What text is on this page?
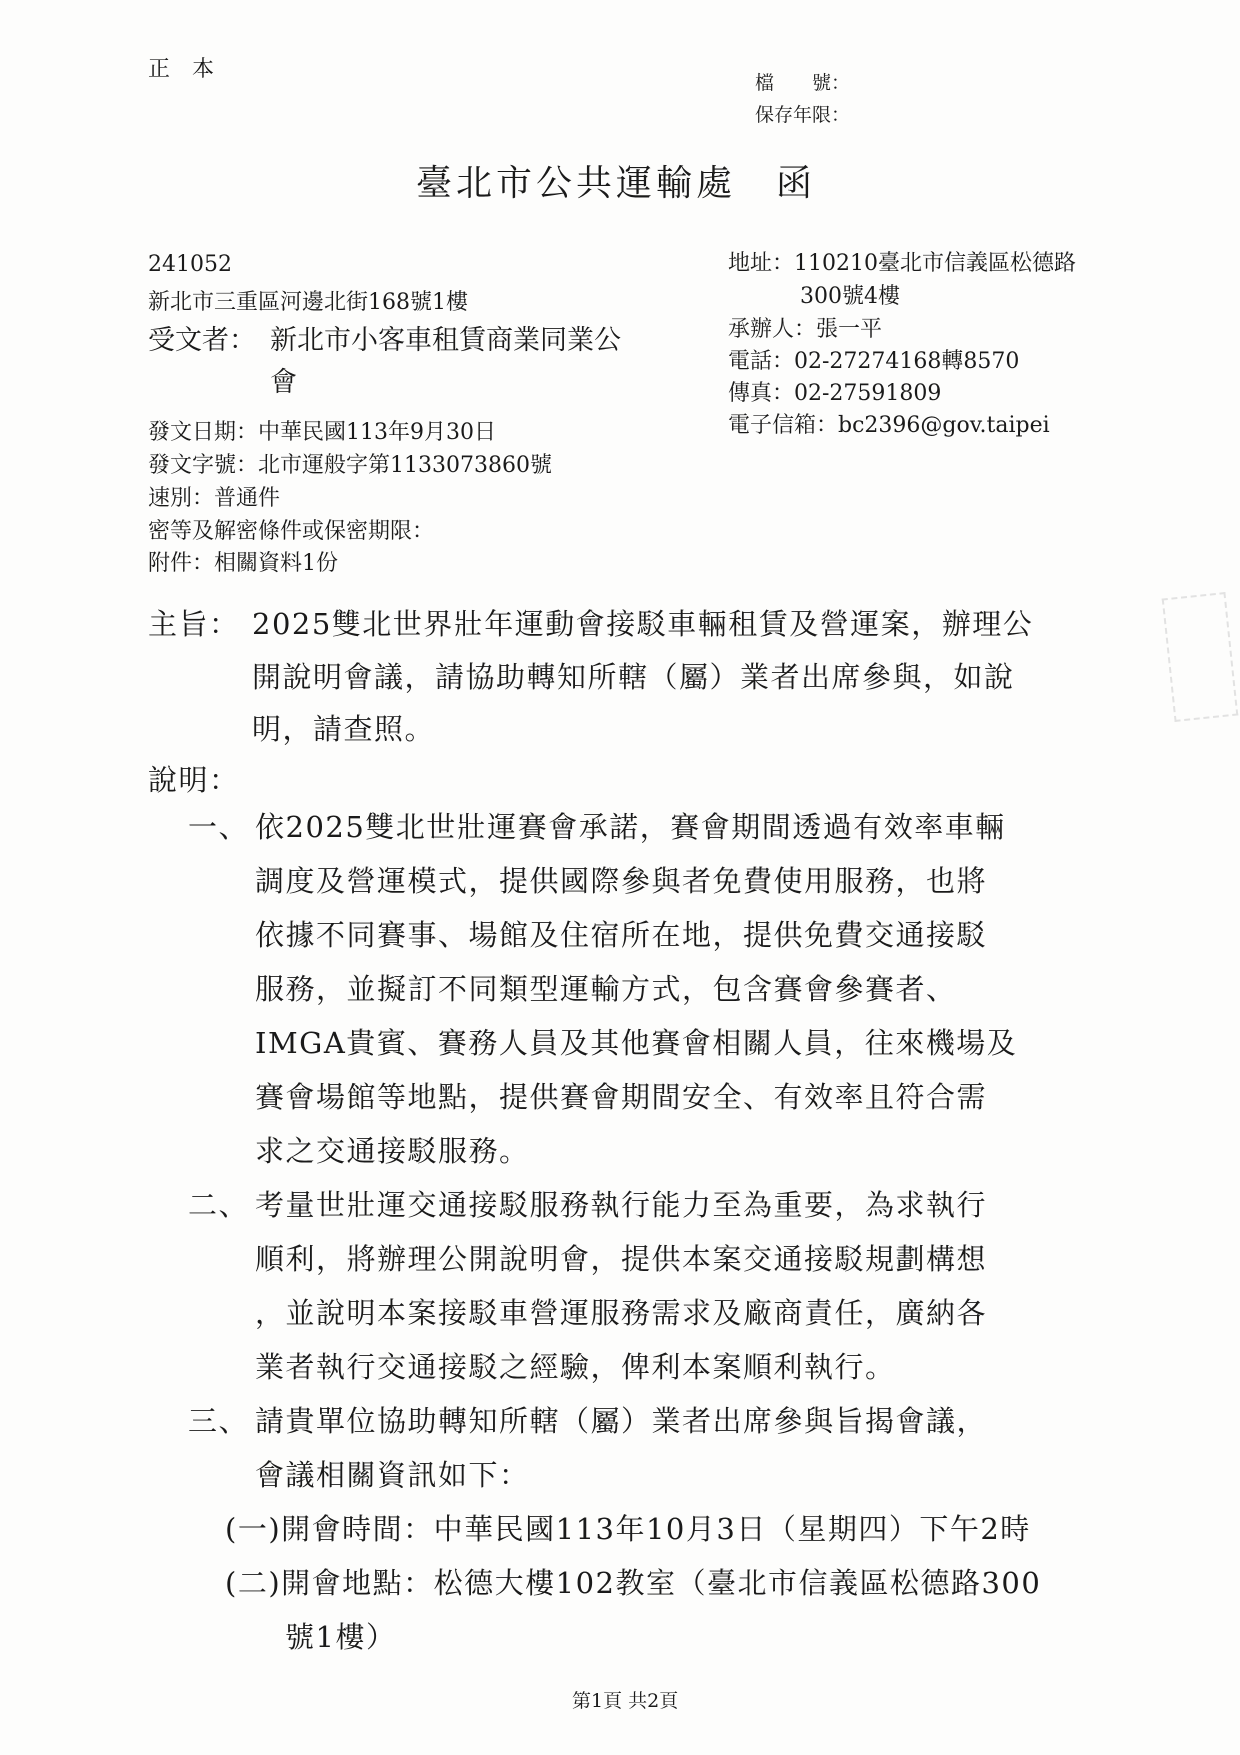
正　本
檔　　號：
保存年限：
臺北市公共運輸處　函
241052
新北市三重區河邊北街168號1樓
受文者： 新北市小客車租賃商業同業公
會
地址：110210臺北市信義區松德路
300號4樓
承辦人：張一平
電話：02-27274168轉8570
傳真：02-27591809
電子信箱：bc2396@gov.taipei
發文日期：中華民國113年9月30日
發文字號：北市運般字第1133073860號
速別：普通件
密等及解密條件或保密期限：
附件：相關資料1份
主旨： 2025雙北世界壯年運動會接駁車輛租賃及營運案，辦理公
開說明會議，請協助轉知所轄（屬）業者出席參與，如說
明，請查照。
說明：
一、 依2025雙北世壯運賽會承諾，賽會期間透過有效率車輛
調度及營運模式，提供國際參與者免費使用服務，也將
依據不同賽事、場館及住宿所在地，提供免費交通接駁
服務，並擬訂不同類型運輸方式，包含賽會參賽者、
IMGA貴賓、賽務人員及其他賽會相關人員，往來機場及
賽會場館等地點，提供賽會期間安全、有效率且符合需
求之交通接駁服務。
二、 考量世壯運交通接駁服務執行能力至為重要，為求執行
順利，將辦理公開說明會，提供本案交通接駁規劃構想
，並說明本案接駁車營運服務需求及廠商責任，廣納各
業者執行交通接駁之經驗，俾利本案順利執行。
三、 請貴單位協助轉知所轄（屬）業者出席參與旨揭會議，
會議相關資訊如下：
(一)開會時間：中華民國113年10月3日（星期四）下午2時
(二)開會地點：松德大樓102教室（臺北市信義區松德路300
號1樓）
第1頁 共2頁
